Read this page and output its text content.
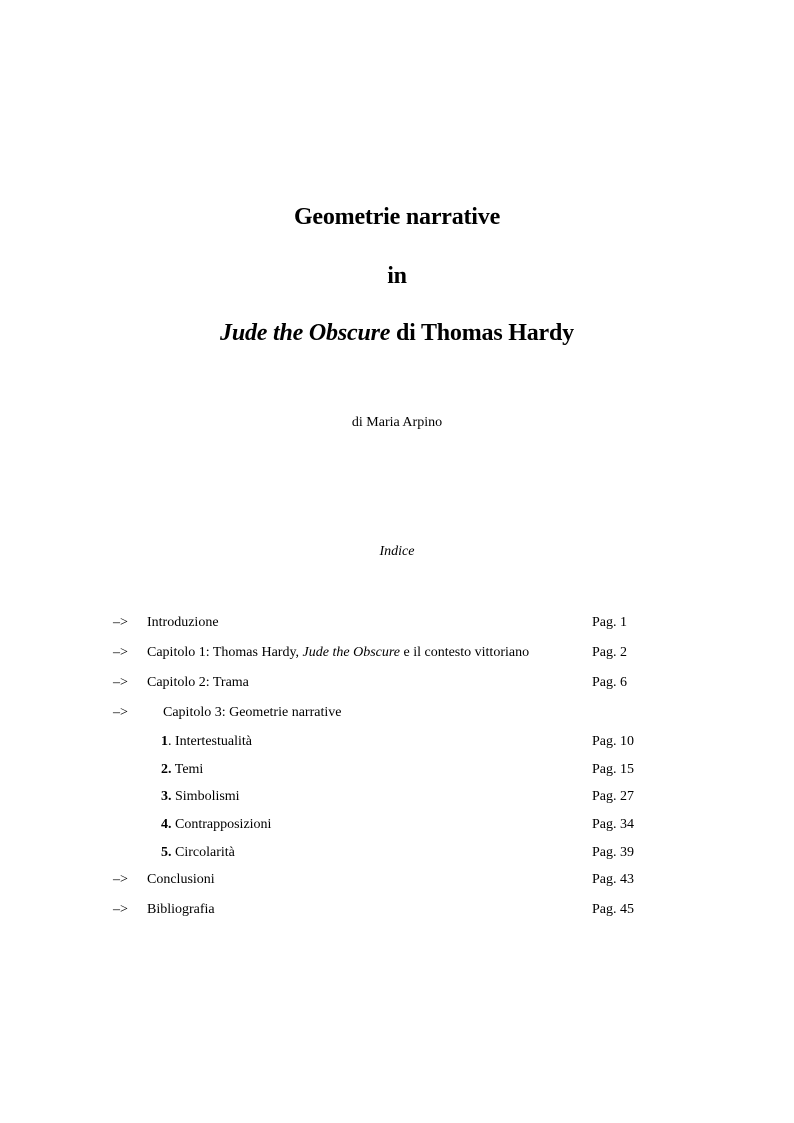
Geometrie narrative
in
Jude the Obscure di Thomas Hardy
di Maria Arpino
Indice
–> Introduzione	Pag. 1
–> Capitolo 1: Thomas Hardy, Jude the Obscure e il contesto vittoriano	Pag. 2
–> Capitolo 2: Trama	Pag. 6
–>	Capitolo 3: Geometrie narrative
1. Intertestualità	Pag. 10
2. Temi	Pag. 15
3. Simbolismi	Pag. 27
4. Contrapposizioni	Pag. 34
5. Circolarità	Pag. 39
–> Conclusioni	Pag. 43
–> Bibliografia	Pag. 45
